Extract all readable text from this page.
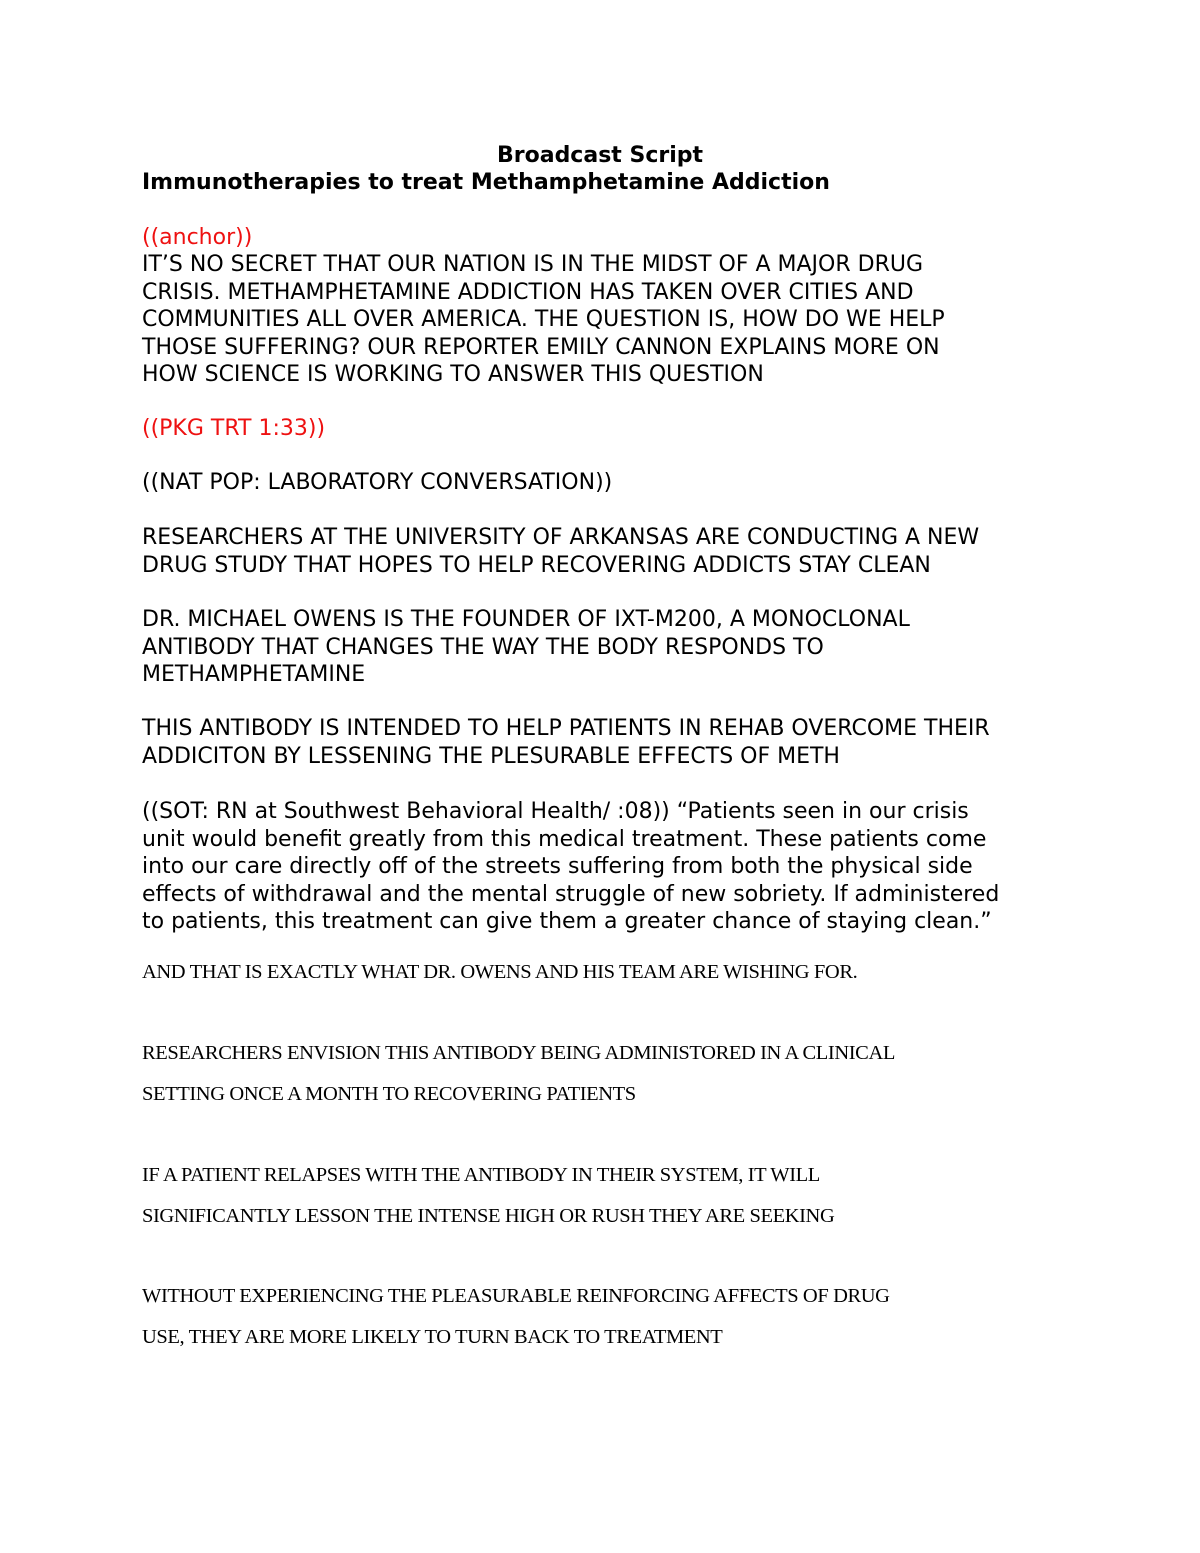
Broadcast Script
Immunotherapies to treat Methamphetamine Addiction
((anchor))
IT’S NO SECRET THAT OUR NATION IS IN THE MIDST OF A MAJOR DRUG
CRISIS. METHAMPHETAMINE ADDICTION HAS TAKEN OVER CITIES AND
COMMUNITIES ALL OVER AMERICA. THE QUESTION IS, HOW DO WE HELP
THOSE SUFFERING? OUR REPORTER EMILY CANNON EXPLAINS MORE ON
HOW SCIENCE IS WORKING TO ANSWER THIS QUESTION
((PKG TRT 1:33))
((NAT POP: LABORATORY CONVERSATION))
RESEARCHERS AT THE UNIVERSITY OF ARKANSAS ARE CONDUCTING A NEW
DRUG STUDY THAT HOPES TO HELP RECOVERING ADDICTS STAY CLEAN
DR. MICHAEL OWENS IS THE FOUNDER OF IXT-M200, A MONOCLONAL
ANTIBODY THAT CHANGES THE WAY THE BODY RESPONDS TO
METHAMPHETAMINE
THIS ANTIBODY IS INTENDED TO HELP PATIENTS IN REHAB OVERCOME THEIR
ADDICITON BY LESSENING THE PLESURABLE EFFECTS OF METH
((SOT: RN at Southwest Behavioral Health/ :08)) “Patients seen in our crisis
unit would benefit greatly from this medical treatment. These patients come
into our care directly off of the streets suffering from both the physical side
effects of withdrawal and the mental struggle of new sobriety. If administered
to patients, this treatment can give them a greater chance of staying clean.”
AND THAT IS EXACTLY WHAT DR. OWENS AND HIS TEAM ARE WISHING FOR.
RESEARCHERS ENVISION THIS ANTIBODY BEING ADMINISTORED IN A CLINICAL
SETTING ONCE A MONTH TO RECOVERING PATIENTS
IF A PATIENT RELAPSES WITH THE ANTIBODY IN THEIR SYSTEM, IT WILL
SIGNIFICANTLY LESSON THE INTENSE HIGH OR RUSH THEY ARE SEEKING
WITHOUT EXPERIENCING THE PLEASURABLE REINFORCING AFFECTS OF DRUG
USE, THEY ARE MORE LIKELY TO TURN BACK TO TREATMENT
